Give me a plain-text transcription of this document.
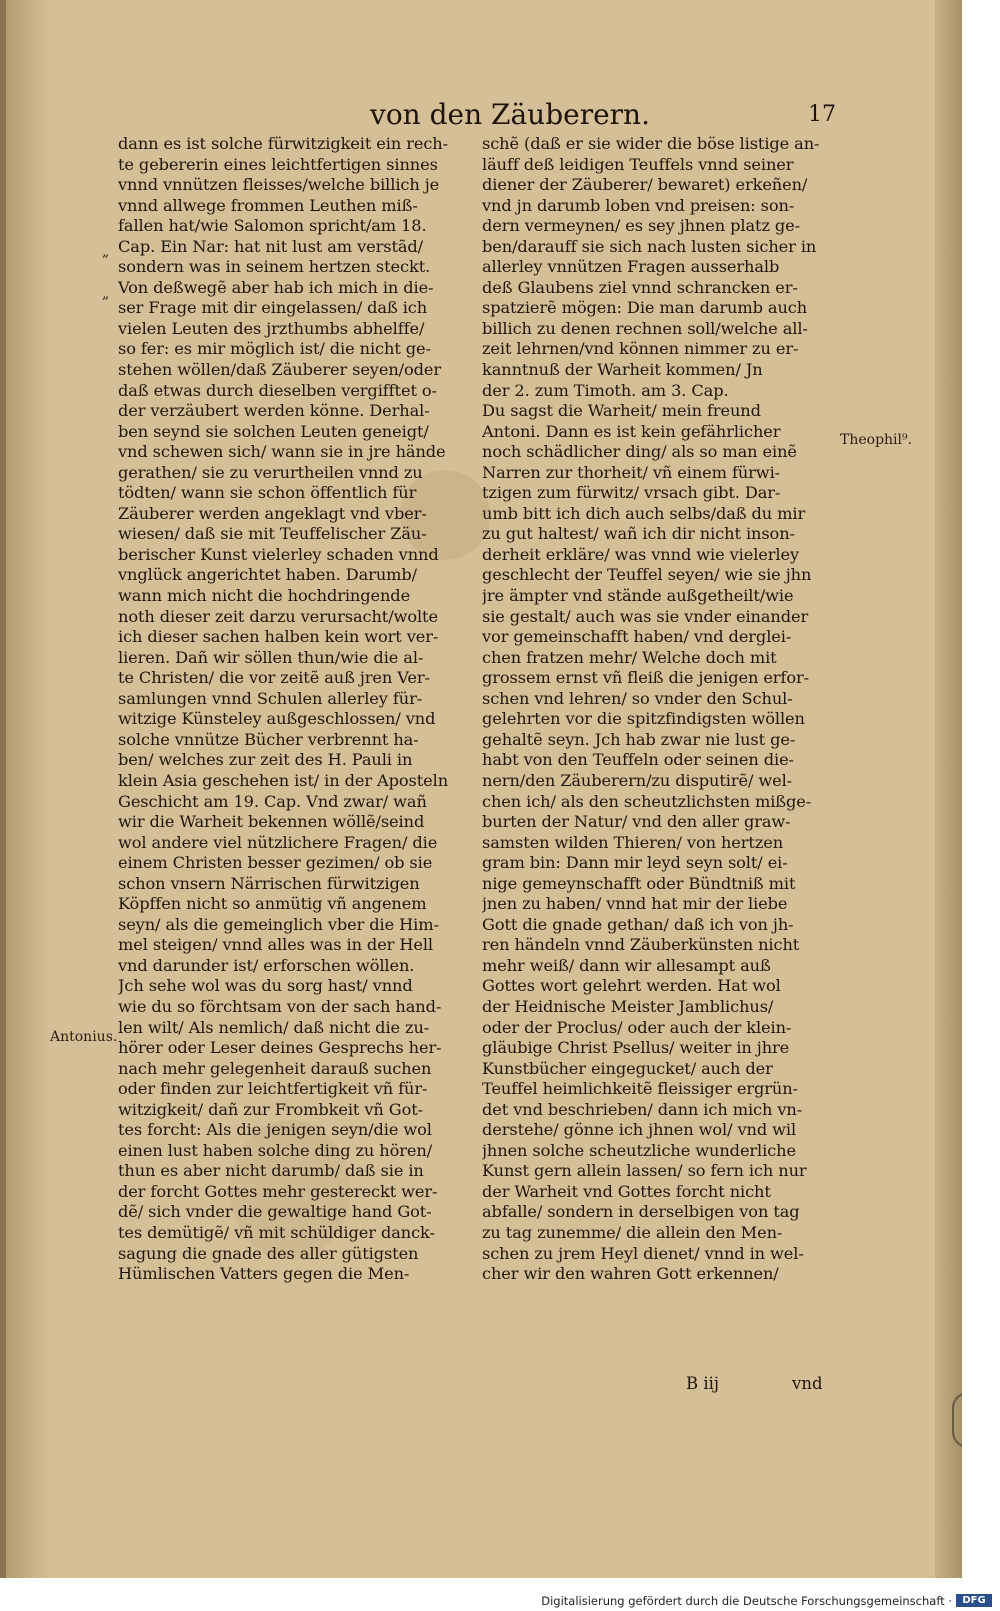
von den Zäuberern.	17
„
„
Theophil⁹.
Antonius.
dann es ist solche fürwitzigkeit ein rech-
te gebererin eines leichtfertigen sinnes
vnnd vnnützen fleisses/welche billich je
vnnd allwege frommen Leuthen miß-
fallen hat/wie Salomon spricht/am 18.
Cap. Ein Nar: hat nit lust am verstãd/
sondern was in seinem hertzen steckt.
Von deßwegẽ aber hab ich mich in die-
ser Frage mit dir eingelassen/ daß ich
vielen Leuten des jrzthumbs abhelffe/
so fer: es mir möglich ist/ die nicht ge-
stehen wöllen/daß Zäuberer seyen/oder
daß etwas durch dieselben vergifftet o-
der verzäubert werden könne. Derhal-
ben seynd sie solchen Leuten geneigt/
vnd schewen sich/ wann sie in jre hände
gerathen/ sie zu verurtheilen vnnd zu
tödten/ wann sie schon öffentlich für
Zäuberer werden angeklagt vnd vber-
wiesen/ daß sie mit Teuffelischer Zäu-
berischer Kunst vielerley schaden vnnd
vnglück angerichtet haben. Darumb/
wann mich nicht die hochdringende
noth dieser zeit darzu verursacht/wolte
ich dieser sachen halben kein wort ver-
lieren. Dañ wir söllen thun/wie die al-
te Christen/ die vor zeitẽ auß jren Ver-
samlungen vnnd Schulen allerley für-
witzige Künsteley außgeschlossen/ vnd
solche vnnütze Bücher verbrennt ha-
ben/ welches zur zeit des H. Pauli in
klein Asia geschehen ist/ in der Aposteln
Geschicht am 19. Cap. Vnd zwar/ wañ
wir die Warheit bekennen wöllẽ/seind
wol andere viel nützlichere Fragen/ die
einem Christen besser gezimen/ ob sie
schon vnsern Närrischen fürwitzigen
Köpffen nicht so anmütig vñ angenem
seyn/ als die gemeinglich vber die Him-
mel steigen/ vnnd alles was in der Hell
vnd darunder ist/ erforschen wöllen.
Jch sehe wol was du sorg hast/ vnnd
wie du so förchtsam von der sach hand-
len wilt/ Als nemlich/ daß nicht die zu-
hörer oder Leser deines Gesprechs her-
nach mehr gelegenheit darauß suchen
oder finden zur leichtfertigkeit vñ für-
witzigkeit/ dañ zur Frombkeit vñ Got-
tes forcht: Als die jenigen seyn/die wol
einen lust haben solche ding zu hören/
thun es aber nicht darumb/ daß sie in
der forcht Gottes mehr gestereckt wer-
dẽ/ sich vnder die gewaltige hand Got-
tes demütigẽ/ vñ mit schüldiger danck-
sagung die gnade des aller gütigsten
Hümlischen Vatters gegen die Men-
schẽ (daß er sie wider die böse listige an-
läuff deß leidigen Teuffels vnnd seiner
diener der Zäuberer/ bewaret) erkeñen/
vnd jn darumb loben vnd preisen: son-
dern vermeynen/ es sey jhnen platz ge-
ben/darauff sie sich nach lusten sicher in
allerley vnnützen Fragen ausserhalb
deß Glaubens ziel vnnd schrancken er-
spatzierẽ mögen: Die man darumb auch
billich zu denen rechnen soll/welche all-
zeit lehrnen/vnd können nimmer zu er-
kanntnuß der Warheit kommen/ Jn
der 2. zum Timoth. am 3. Cap.
Du sagst die Warheit/ mein freund
Antoni. Dann es ist kein gefährlicher
noch schädlicher ding/ als so man einẽ
Narren zur thorheit/ vñ einem fürwi-
tzigen zum fürwitz/ vrsach gibt. Dar-
umb bitt ich dich auch selbs/daß du mir
zu gut haltest/ wañ ich dir nicht inson-
derheit erkläre/ was vnnd wie vielerley
geschlecht der Teuffel seyen/ wie sie jhn
jre ämpter vnd stände außgetheilt/wie
sie gestalt/ auch was sie vnder einander
vor gemeinschafft haben/ vnd derglei-
chen fratzen mehr/ Welche doch mit
grossem ernst vñ fleiß die jenigen erfor-
schen vnd lehren/ so vnder den Schul-
gelehrten vor die spitzfindigsten wöllen
gehaltẽ seyn. Jch hab zwar nie lust ge-
habt von den Teuffeln oder seinen die-
nern/den Zäuberern/zu disputirẽ/ wel-
chen ich/ als den scheutzlichsten mißge-
burten der Natur/ vnd den aller graw-
samsten wilden Thieren/ von hertzen
gram bin: Dann mir leyd seyn solt/ ei-
nige gemeynschafft oder Bündtniß mit
jnen zu haben/ vnnd hat mir der liebe
Gott die gnade gethan/ daß ich von jh-
ren händeln vnnd Zäuberkünsten nicht
mehr weiß/ dann wir allesampt auß
Gottes wort gelehrt werden. Hat wol
der Heidnische Meister Jamblichus/
oder der Proclus/ oder auch der klein-
gläubige Christ Psellus/ weiter in jhre
Kunstbücher eingegucket/ auch der
Teuffel heimlichkeitẽ fleissiger ergrün-
det vnd beschrieben/ dann ich mich vn-
derstehe/ gönne ich jhnen wol/ vnd wil
jhnen solche scheutzliche wunderliche
Kunst gern allein lassen/ so fern ich nur
der Warheit vnd Gottes forcht nicht
abfalle/ sondern in derselbigen von tag
zu tag zunemme/ die allein den Men-
schen zu jrem Heyl dienet/ vnnd in wel-
cher wir den wahren Gott erkennen/
B iij	vnd
Digitalisierung gefördert durch die Deutsche Forschungsgemeinschaft ·	DFG
